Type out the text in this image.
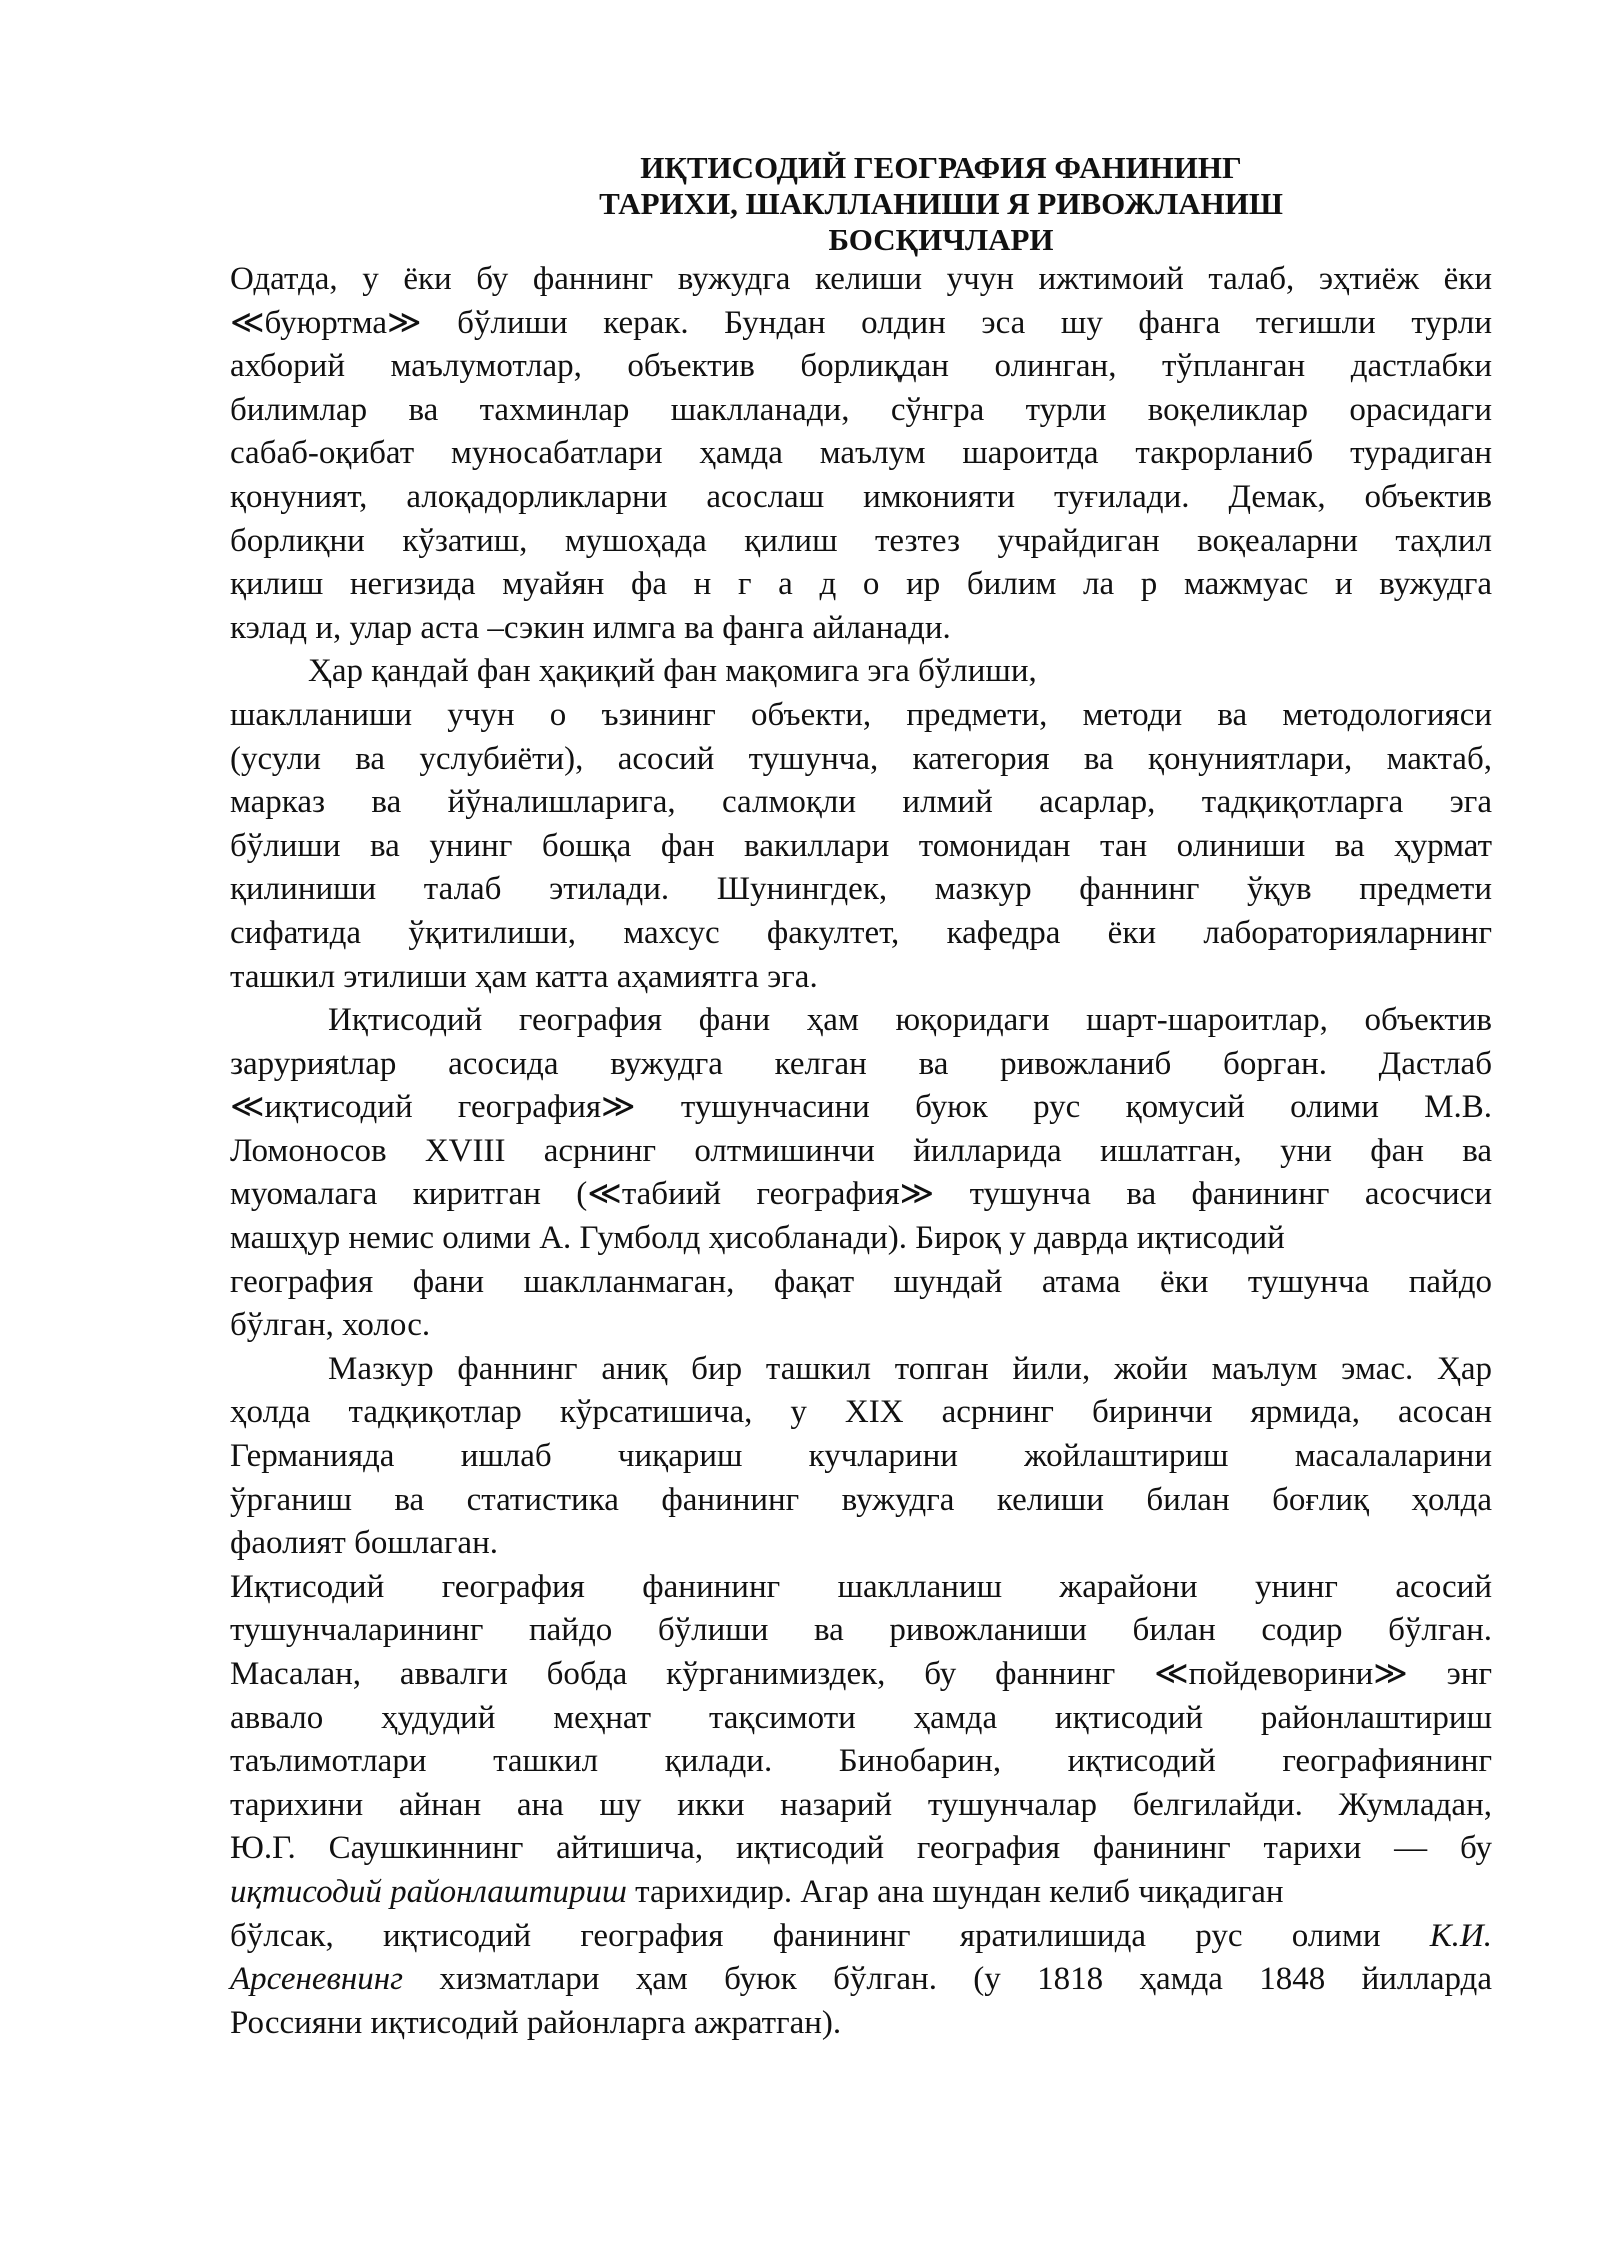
ИҚТИСОДИЙ ГЕОГРАФИЯ ФАНИНИНГ
ТАРИХИ, ШАКЛЛАНИШИ Я РИВОЖЛАНИШ
БОСҚИЧЛАРИ
Одатда, у ёки бу фаннинг вужудга келиши учун ижтимоий талаб, эҳтиёж ёки
≪буюртма≫ бўлиши керак. Бундан олдин эса шу фанга тегишли турли
ахборий маълумотлар, объектив борлиқдан олинган, тўпланган дастлабки
билимлар ва тахминлар шаклланади, сўнгра турли воқеликлар орасидаги
сабаб-оқибат муносабатлари ҳамда маълум шароитда такрорланиб турадиган
қонуният, алоқадорликларни асослаш имконияти туғилади. Демак, объектив
борлиқни кўзатиш, мушоҳада қилиш тезтез учрайдиган воқеаларни таҳлил
қилиш негизида муайян фа н г а д о ир билим ла р мажмуас и вужудга
кэлад и, улар аста –сэкин илмга ва фанга айланади.
Ҳар қандай фан ҳақиқий фан мақомига эга бўлиши,
шаклланиши учун о ъзининг объекти, предмети, методи ва методологияси
(усули ва услубиёти), асосий тушунча, категория ва қонуниятлари, мактаб,
марказ ва йўналишларига, салмоқли илмий асарлар, тадқиқотларга эга
бўлиши ва унинг бошқа фан вакиллари томонидан тан олиниши ва ҳурмат
қилиниши талаб этилади. Шунингдек, мазкур фаннинг ўқув предмети
сифатида ўқитилиши, махсус факултет, кафедра ёки лабораторияларнинг
ташкил этилиши ҳам катта аҳамиятга эга.
Иқтисодий география фани ҳам юқоридаги шарт-шароитлар, объектив
зарурияtлар асосида вужудга келган ва ривожланиб борган. Дастлаб
≪иқтисодий география≫ тушунчасини буюк рус қомусий олими М.В.
Ломоносов XVIII асрнинг олтмишинчи йилларида ишлатган, уни фан ва
муомалага киритган (≪табиий география≫ тушунча ва фанининг асосчиси
машҳур немис олими А. Гумболд ҳисобланади). Бироқ у даврда иқтисодий
география фани шаклланмаган, фақат шундай атама ёки тушунча пайдо
бўлган, холос.
Мазкур фаннинг аниқ бир ташкил топган йили, жойи маълум эмас. Ҳар
ҳолда тадқиқотлар кўрсатишича, у XIX асрнинг биринчи ярмида, асосан
Германияда ишлаб чиқариш кучларини жойлаштириш масалаларини
ўрганиш ва статистика фанининг вужудга келиши билан боғлиқ ҳолда
фаолият бошлаган.
Иқтисодий география фанининг шаклланиш жарайони унинг асосий
тушунчаларининг пайдо бўлиши ва ривожланиши билан содир бўлган.
Масалан, аввалги бобда кўрганимиздек, бу фаннинг ≪пойдеворини≫ энг
аввало ҳудудий меҳнат тақсимоти ҳамда иқтисодий районлаштириш
таълимотлари ташкил қилади. Бинобарин, иқтисодий географиянинг
тарихини айнан ана шу икки назарий тушунчалар белгилайди. Жумладан,
Ю.Г. Саушкиннинг айтишича, иқтисодий география фанининг тарихи — бу
иқтисодий районлаштириш тарихидир. Агар ана шундан келиб чиқадиган
бўлсак, иқтисодий география фанининг яратилишида рус олими К.И.
Арсеневнинг хизматлари ҳам буюк бўлган. (у 1818 ҳамда 1848 йилларда
Россияни иқтисодий районларга ажратган).
